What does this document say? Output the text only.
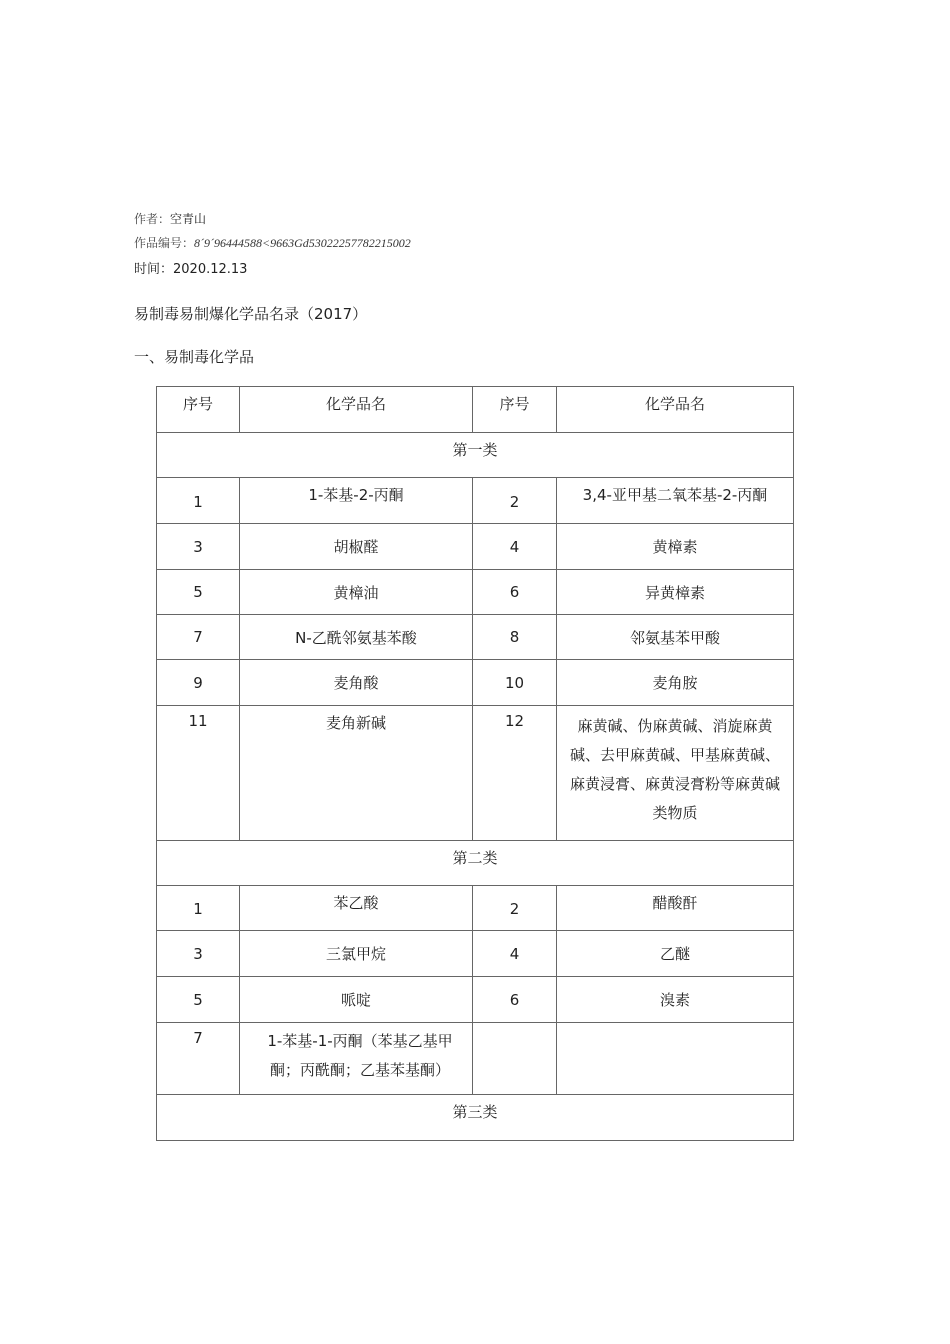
作者：空青山
作品编号：8´9´96444588<9663Gd53022257782215002
时间：2020.12.13
易制毒易制爆化学品名录（2017）
一、易制毒化学品
序号	化学品名	序号	化学品名
第一类			
1	1-苯基-2-丙酮	2	3,4-亚甲基二氧苯基-2-丙酮
3	胡椒醛	4	黄樟素
5	黄樟油	6	异黄樟素
7	N-乙酰邻氨基苯酸	8	邻氨基苯甲酸
9	麦角酸	10	麦角胺
11	麦角新碱	12	麻黄碱、伪麻黄碱、消旋麻黄碱、去甲麻黄碱、甲基麻黄碱、麻黄浸膏、麻黄浸膏粉等麻黄碱类物质
第二类			
1	苯乙酸	2	醋酸酐
3	三氯甲烷	4	乙醚
5	哌啶	6	溴素
7	1-苯基-1-丙酮（苯基乙基甲酮；丙酰酮；乙基苯基酮）		
第三类			
